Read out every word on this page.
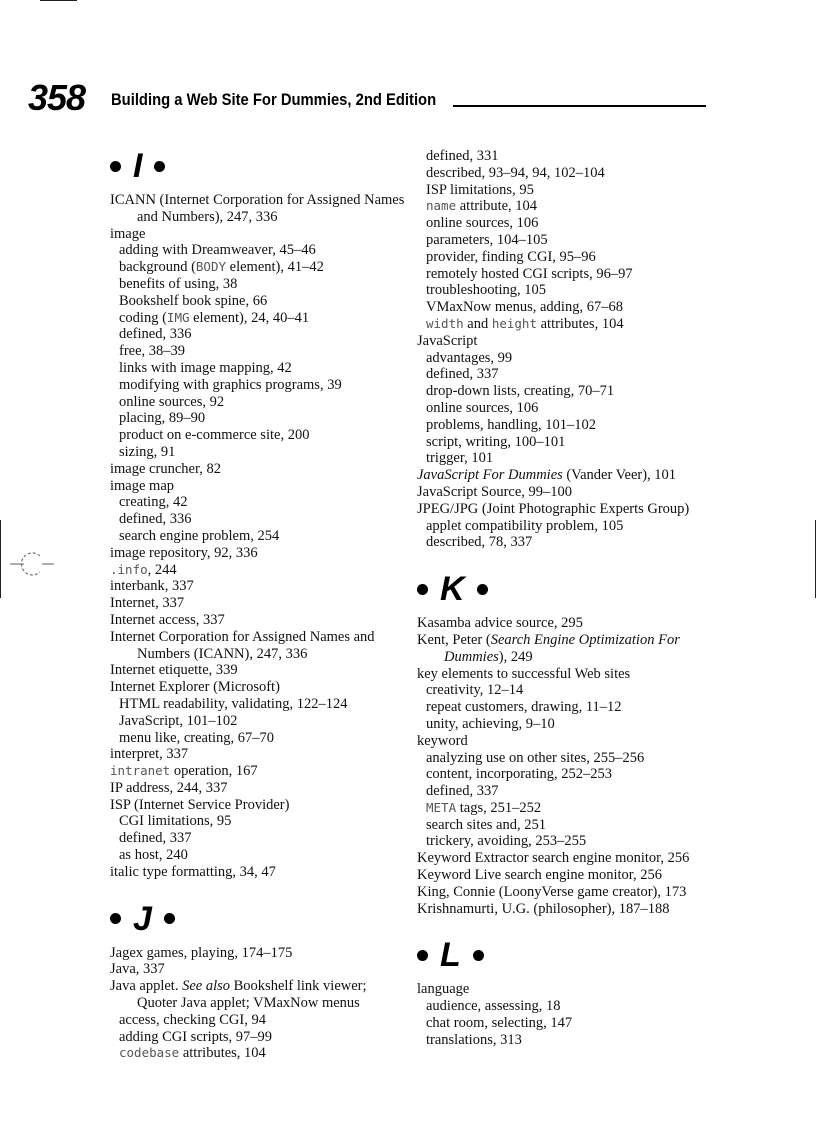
358 Building a Web Site For Dummies, 2nd Edition
I
ICANN (Internet Corporation for Assigned Names and Numbers), 247, 336
image
adding with Dreamweaver, 45–46
background (BODY element), 41–42
benefits of using, 38
Bookshelf book spine, 66
coding (IMG element), 24, 40–41
defined, 336
free, 38–39
links with image mapping, 42
modifying with graphics programs, 39
online sources, 92
placing, 89–90
product on e-commerce site, 200
sizing, 91
image cruncher, 82
image map
creating, 42
defined, 336
search engine problem, 254
image repository, 92, 336
.info, 244
interbank, 337
Internet, 337
Internet access, 337
Internet Corporation for Assigned Names and Numbers (ICANN), 247, 336
Internet etiquette, 339
Internet Explorer (Microsoft)
HTML readability, validating, 122–124
JavaScript, 101–102
menu like, creating, 67–70
interpret, 337
intranet operation, 167
IP address, 244, 337
ISP (Internet Service Provider)
CGI limitations, 95
defined, 337
as host, 240
italic type formatting, 34, 47
J
Jagex games, playing, 174–175
Java, 337
Java applet. See also Bookshelf link viewer; Quoter Java applet; VMaxNow menus
access, checking CGI, 94
adding CGI scripts, 97–99
codebase attributes, 104
defined, 331
described, 93–94, 94, 102–104
ISP limitations, 95
name attribute, 104
online sources, 106
parameters, 104–105
provider, finding CGI, 95–96
remotely hosted CGI scripts, 96–97
troubleshooting, 105
VMaxNow menus, adding, 67–68
width and height attributes, 104
JavaScript
advantages, 99
defined, 337
drop-down lists, creating, 70–71
online sources, 106
problems, handling, 101–102
script, writing, 100–101
trigger, 101
JavaScript For Dummies (Vander Veer), 101
JavaScript Source, 99–100
JPEG/JPG (Joint Photographic Experts Group)
applet compatibility problem, 105
described, 78, 337
K
Kasamba advice source, 295
Kent, Peter (Search Engine Optimization For Dummies), 249
key elements to successful Web sites
creativity, 12–14
repeat customers, drawing, 11–12
unity, achieving, 9–10
keyword
analyzing use on other sites, 255–256
content, incorporating, 252–253
defined, 337
META tags, 251–252
search sites and, 251
trickery, avoiding, 253–255
Keyword Extractor search engine monitor, 256
Keyword Live search engine monitor, 256
King, Connie (LoonyVerse game creator), 173
Krishnamurti, U.G. (philosopher), 187–188
L
language
audience, assessing, 18
chat room, selecting, 147
translations, 313
